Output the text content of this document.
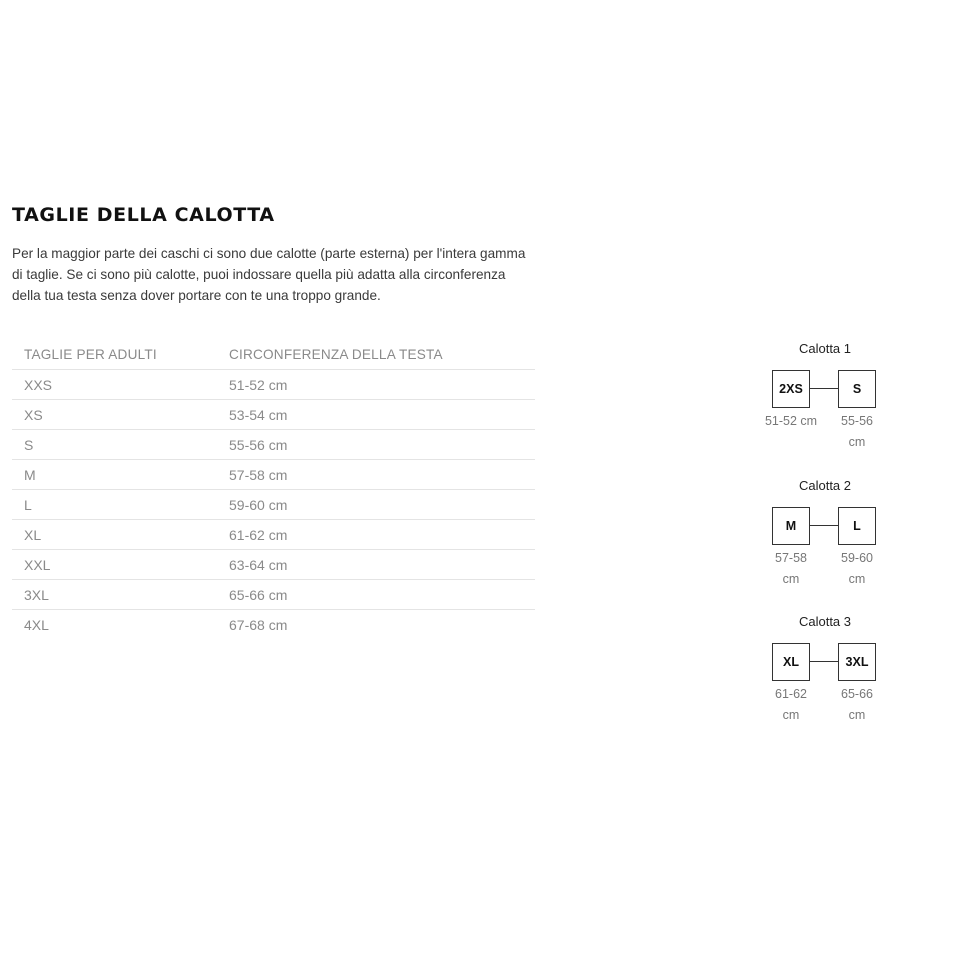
TAGLIE DELLA CALOTTA

Per la maggior parte dei caschi ci sono due calotte (parte esterna) per l'intera gamma di taglie. Se ci sono più calotte, puoi indossare quella più adatta alla circonferenza della tua testa senza dover portare con te una troppo grande.

TAGLIE PER ADULTI	CIRCONFERENZA DELLA TESTA
XXS	51-52 cm
XS	53-54 cm
S	55-56 cm
M	57-58 cm
L	59-60 cm
XL	61-62 cm
XXL	63-64 cm
3XL	65-66 cm
4XL	67-68 cm
Calotta 1
2XS	S
51-52 cm	55-56 cm
Calotta 2
M	L
57-58 cm
59-60 cm
Calotta 3
XL	3XL
61-62 cm
65-66 cm
